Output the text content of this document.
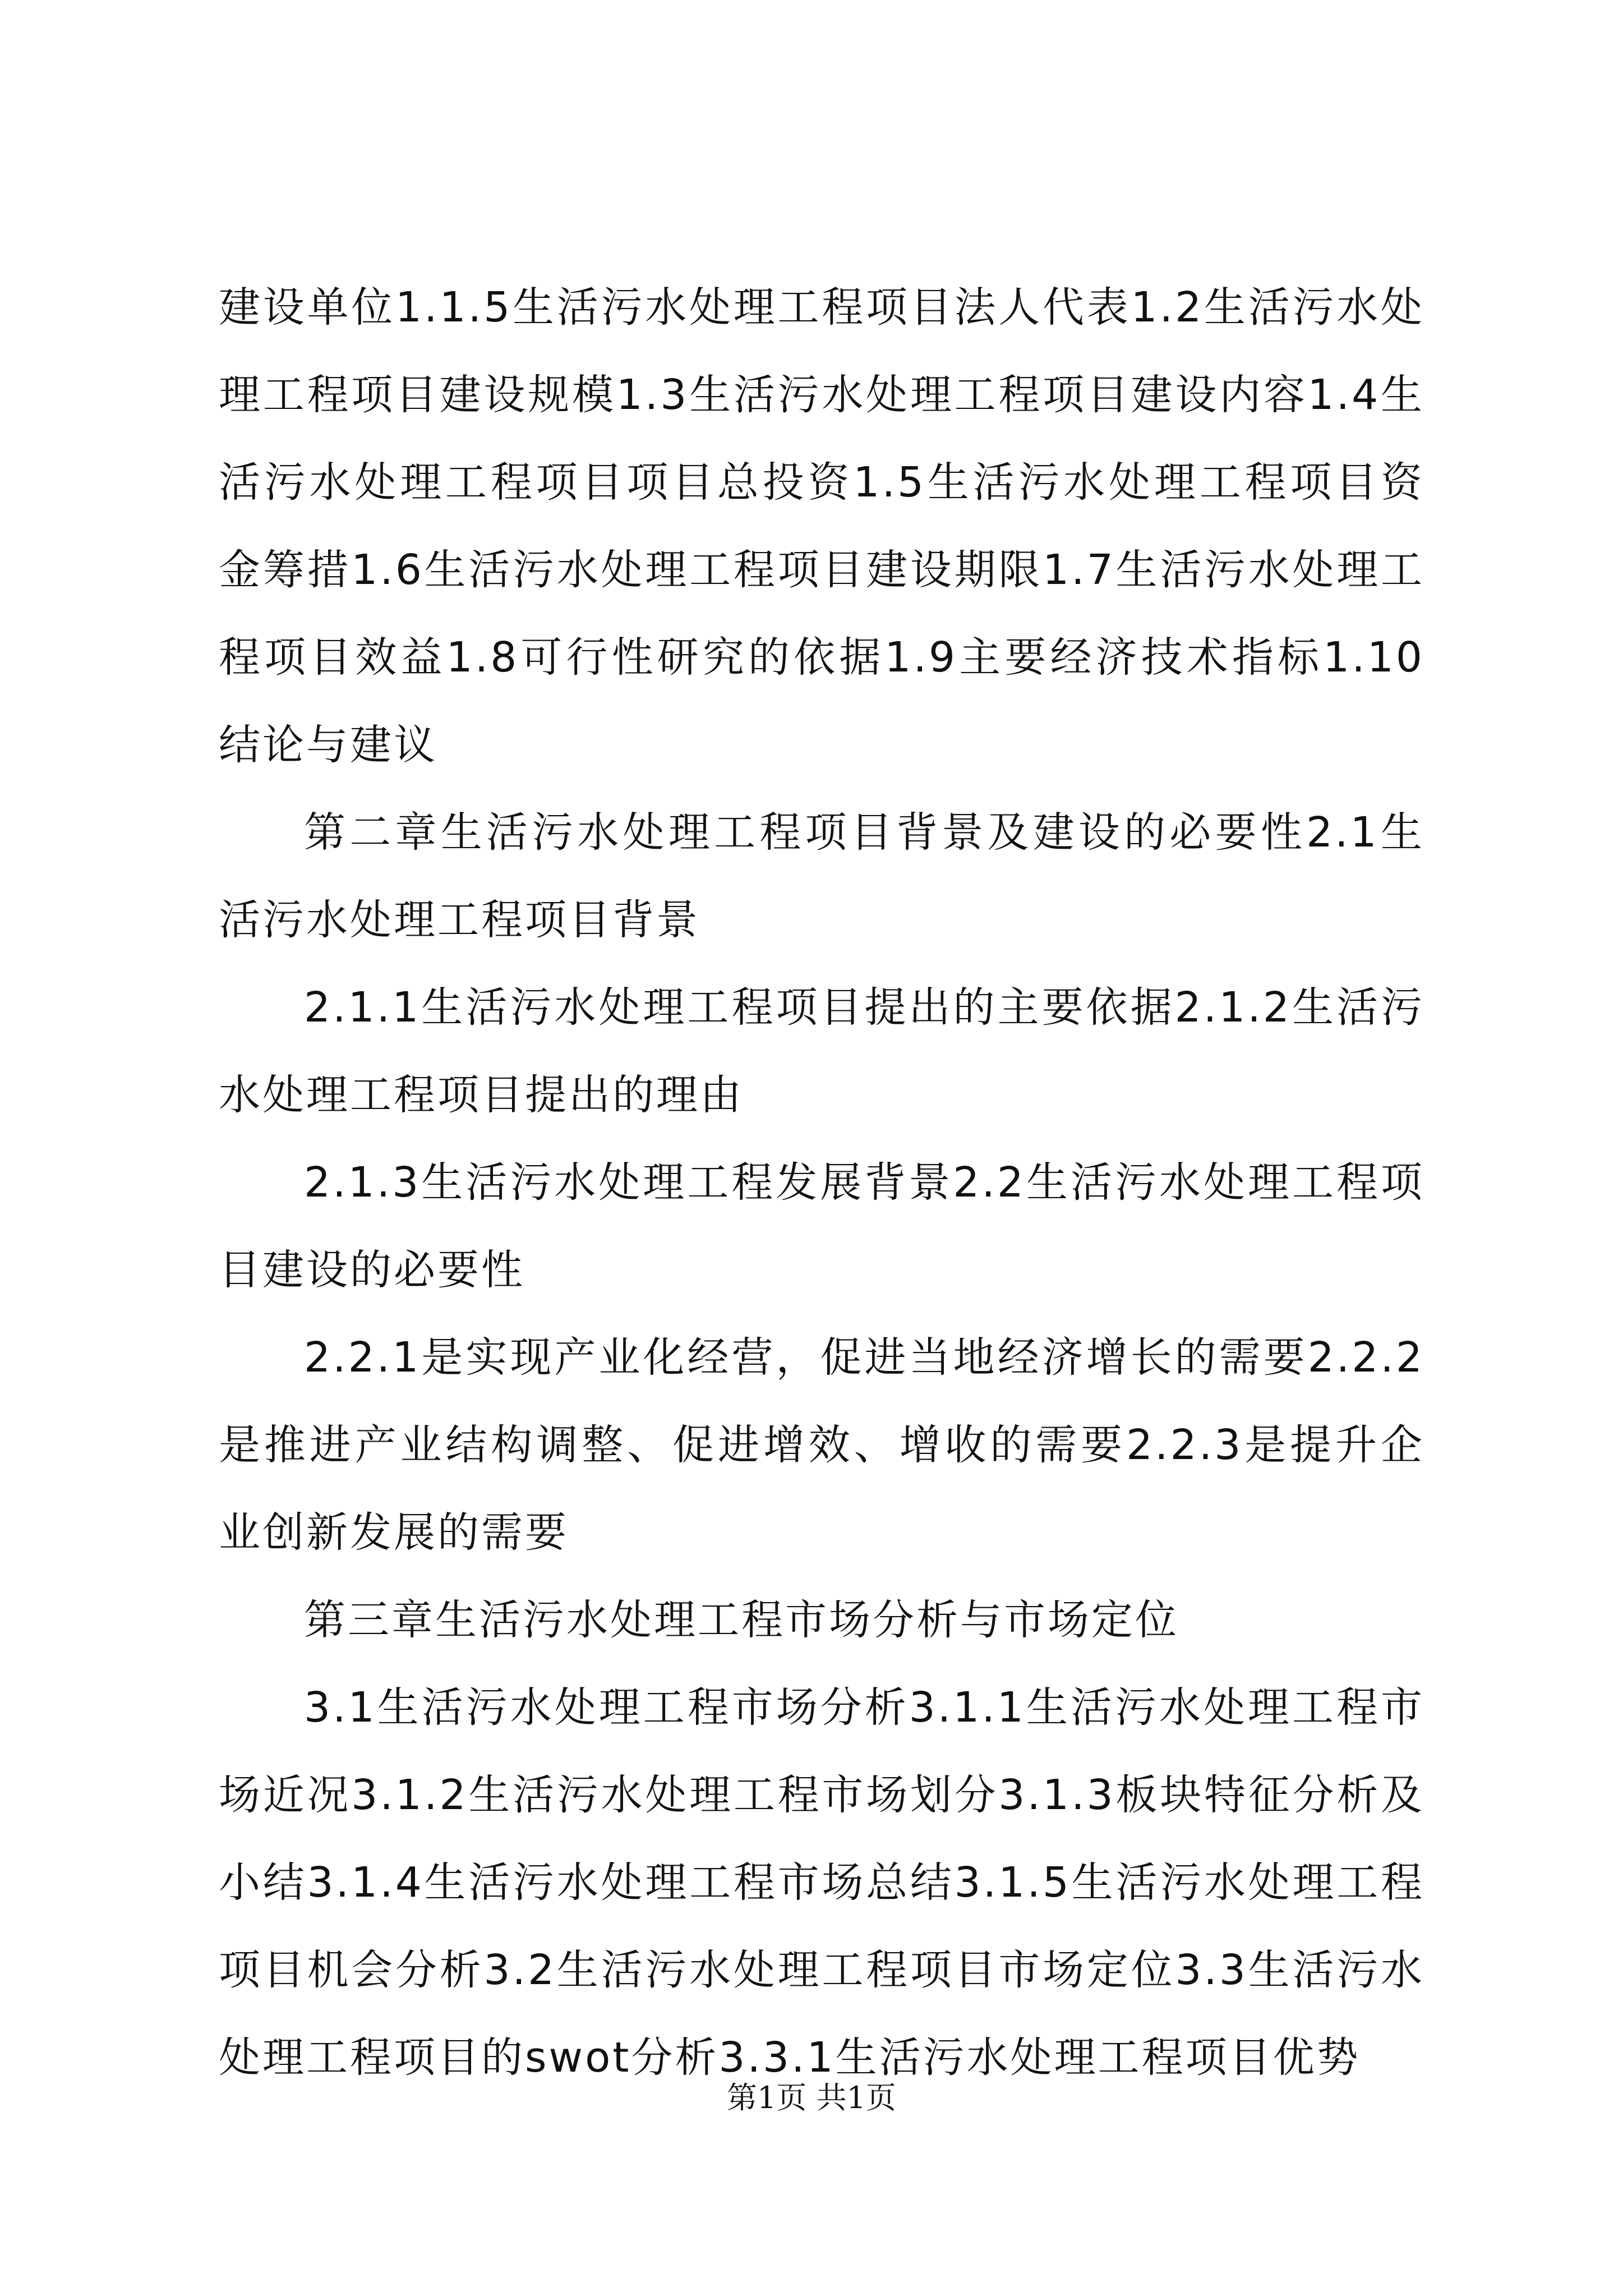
建设单位1.1.5生活污水处理工程项目法人代表1.2生活污水处理工程项目建设规模1.3生活污水处理工程项目建设内容1.4生活污水处理工程项目项目总投资1.5生活污水处理工程项目资金筹措1.6生活污水处理工程项目建设期限1.7生活污水处理工程项目效益1.8可行性研究的依据1.9主要经济技术指标1.10结论与建议

第二章生活污水处理工程项目背景及建设的必要性2.1生活污水处理工程项目背景

2.1.1生活污水处理工程项目提出的主要依据2.1.2生活污水处理工程项目提出的理由

2.1.3生活污水处理工程发展背景2.2生活污水处理工程项目建设的必要性

2.2.1是实现产业化经营，促进当地经济增长的需要2.2.2是推进产业结构调整、促进增效、增收的需要2.2.3是提升企业创新发展的需要

第三章生活污水处理工程市场分析与市场定位

3.1生活污水处理工程市场分析3.1.1生活污水处理工程市场近况3.1.2生活污水处理工程市场划分3.1.3板块特征分析及小结3.1.4生活污水处理工程市场总结3.1.5生活污水处理工程项目机会分析3.2生活污水处理工程项目市场定位3.3生活污水处理工程项目的swot分析3.3.1生活污水处理工程项目优势

第1页 共1页
